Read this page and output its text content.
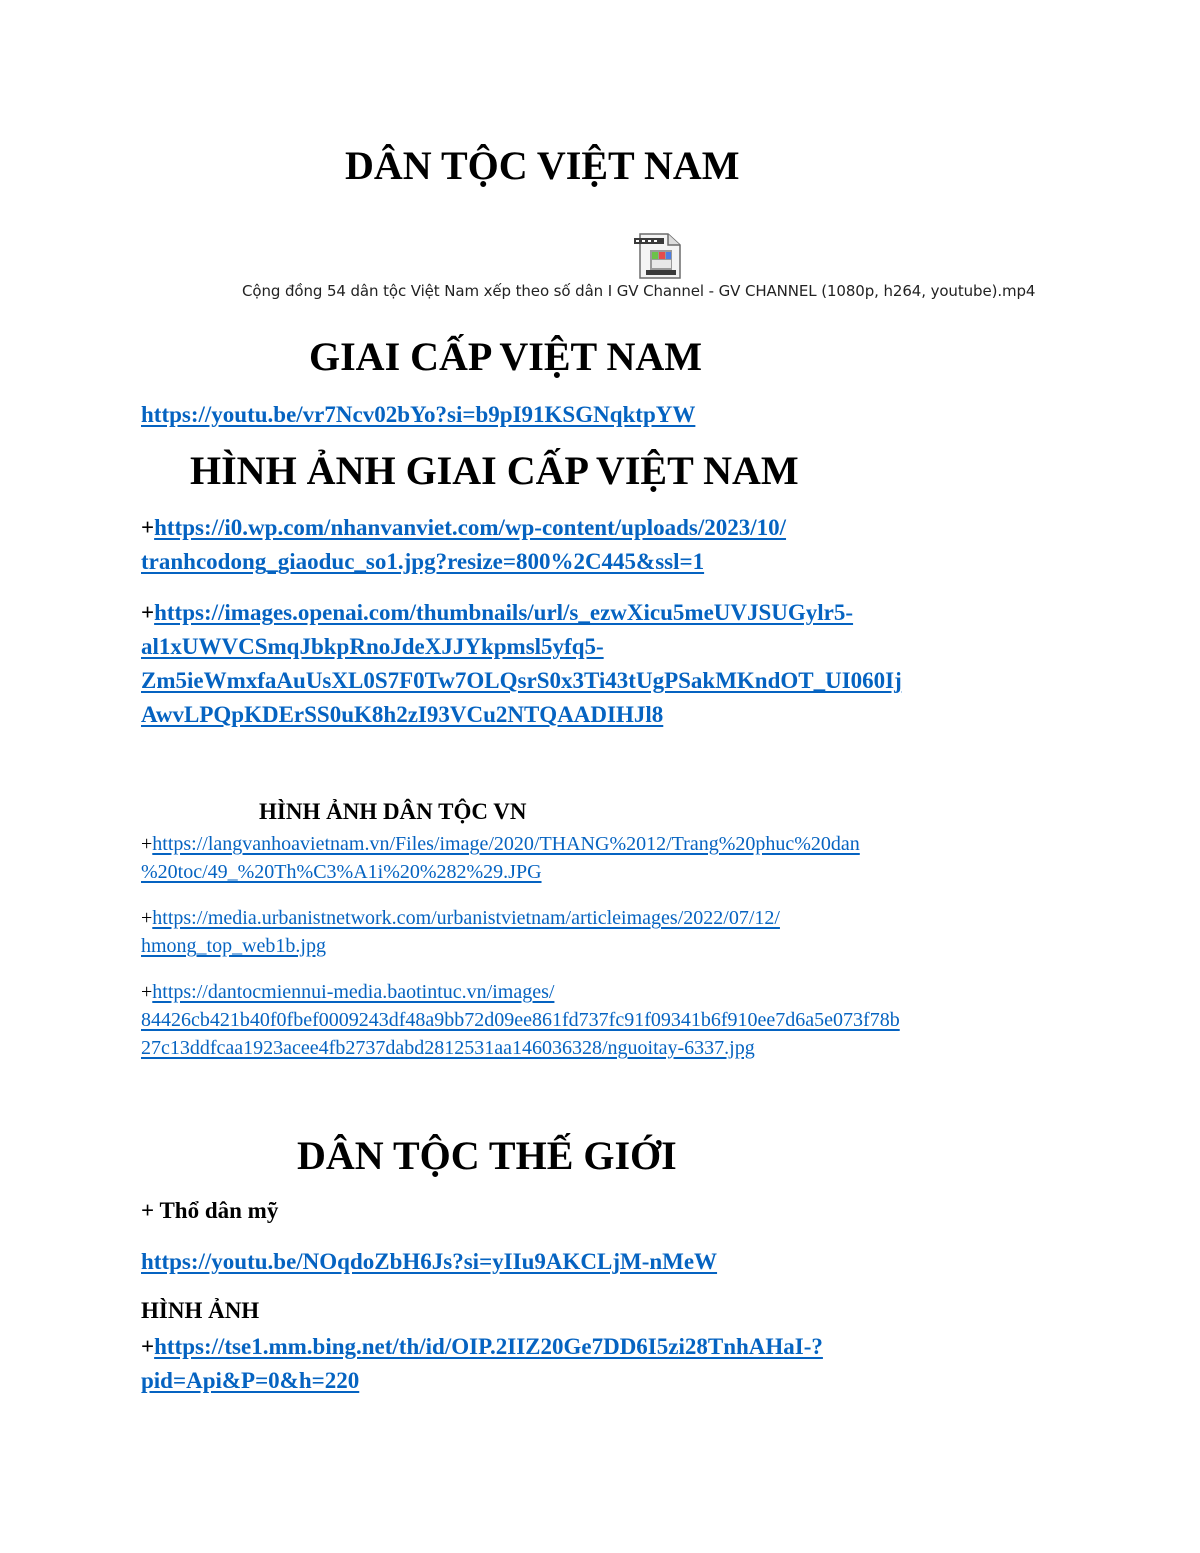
DÂN TỘC VIỆT NAM
Cộng đồng 54 dân tộc Việt Nam xếp theo số dân I GV Channel - GV CHANNEL (1080p, h264, youtube).mp4
GIAI CẤP VIỆT NAM
https://youtu.be/vr7Ncv02bYo?si=b9pI91KSGNqktpYW
HÌNH ẢNH GIAI CẤP VIỆT NAM
+https://i0.wp.com/nhanvanviet.com/wp-content/uploads/2023/10/
tranhcodong_giaoduc_so1.jpg?resize=800%2C445&ssl=1
+https://images.openai.com/thumbnails/url/s_ezwXicu5meUVJSUGylr5-
al1xUWVCSmqJbkpRnoJdeXJJYkpmsl5yfq5-
Zm5ieWmxfaAuUsXL0S7F0Tw7OLQsrS0x3Ti43tUgPSakMKndOT_UI060Ij
AwvLPQpKDErSS0uK8h2zI93VCu2NTQAADIHJl8
HÌNH ẢNH DÂN TỘC VN
+https://langvanhoavietnam.vn/Files/image/2020/THANG%2012/Trang%20phuc%20dan
%20toc/49_%20Th%C3%A1i%20%282%29.JPG
+https://media.urbanistnetwork.com/urbanistvietnam/articleimages/2022/07/12/
hmong_top_web1b.jpg
+https://dantocmiennui-media.baotintuc.vn/images/
84426cb421b40f0fbef0009243df48a9bb72d09ee861fd737fc91f09341b6f910ee7d6a5e073f78b
27c13ddfcaa1923acee4fb2737dabd2812531aa146036328/nguoitay-6337.jpg
DÂN TỘC THẾ GIỚI
+ Thổ dân mỹ
https://youtu.be/NOqdoZbH6Js?si=yIIu9AKCLjM-nMeW
HÌNH ẢNH
+https://tse1.mm.bing.net/th/id/OIP.2IIZ20Ge7DD6I5zi28TnhAHaI-?
pid=Api&P=0&h=220
